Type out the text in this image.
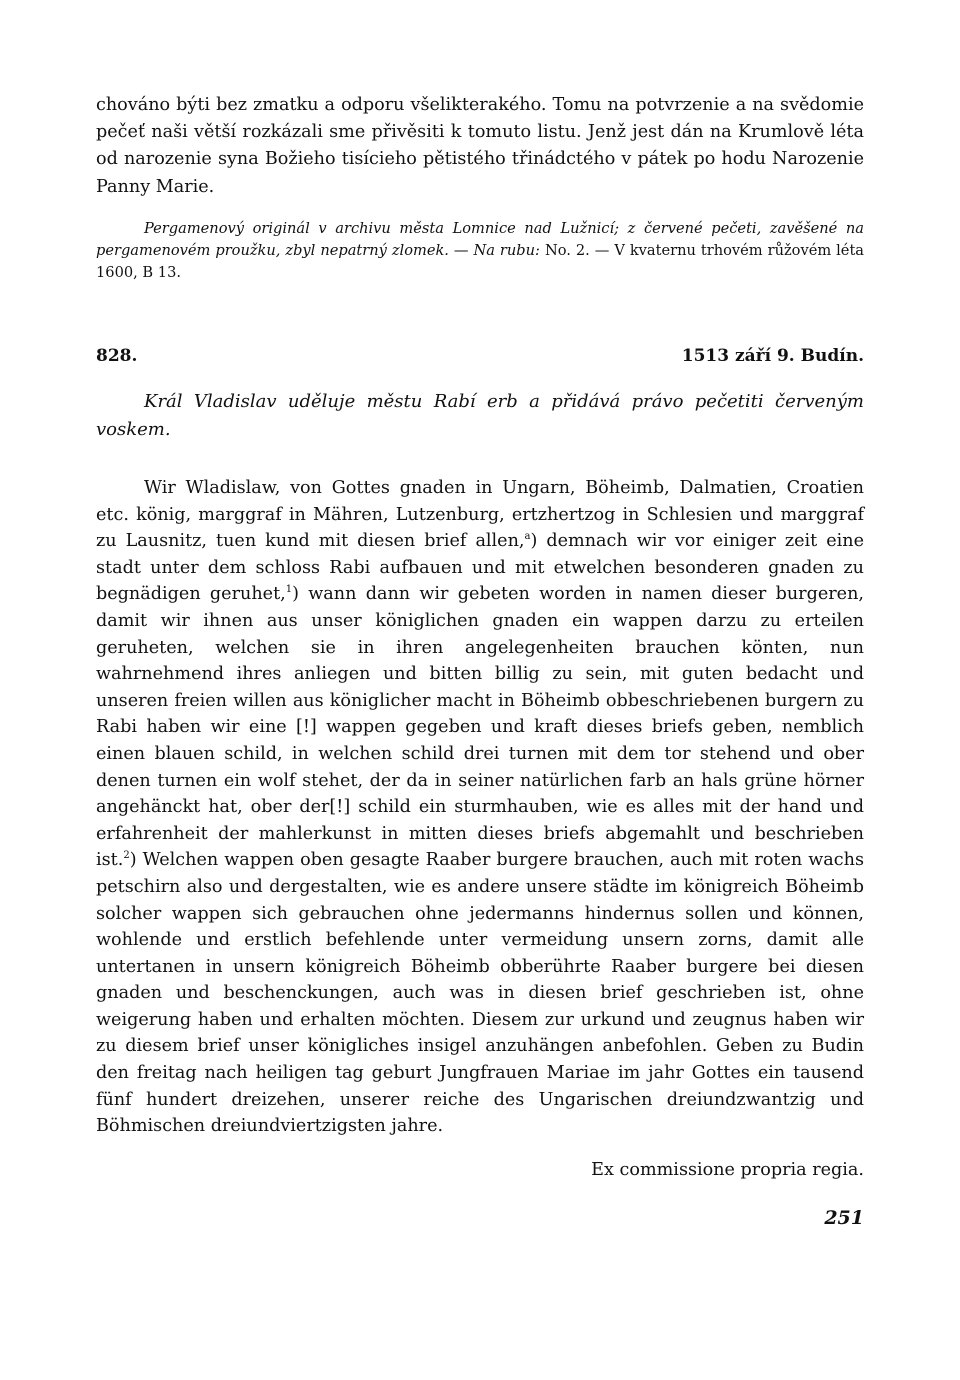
chováno býti bez zmatku a odporu všelikterakého. Tomu na potvrzenie a na svědomie pečeť naši větší rozkázali sme přivěsiti k tomuto listu. Jenž jest dán na Krumlově léta od narozenie syna Božieho tisícieho pětistého třinádctého v pátek po hodu Narozenie Panny Marie.

Pergamenový originál v archivu města Lomnice nad Lužnicí; z červené pečeti, zavěšené na pergamenovém proužku, zbyl nepatrný zlomek. — Na rubu: No. 2. — V kvaternu trhovém růžovém léta 1600, B 13.

828.	1513 září 9. Budín.

Král Vladislav uděluje městu Rabí erb a přidává právo pečetiti červeným voskem.

Wir Wladislaw, von Gottes gnaden in Ungarn, Böheimb, Dalmatien, Croatien etc. könig, marggraf in Mähren, Lutzenburg, ertzhertzog in Schlesien und marggraf zu Lausnitz, tuen kund mit diesen brief allen,$^a$) demnach wir vor einiger zeit eine stadt unter dem schloss Rabi aufbauen und mit etwelchen besonderen gnaden zu begnädigen geruhet,$^1$) wann dann wir gebeten worden in namen dieser burgeren, damit wir ihnen aus unser königlichen gnaden ein wappen darzu zu erteilen geruheten, welchen sie in ihren angelegenheiten brauchen könten, nun wahrnehmend ihres anliegen und bitten billig zu sein, mit guten bedacht und unseren freien willen aus königlicher macht in Böheimb obbeschriebenen burgern zu Rabi haben wir eine [!] wappen gegeben und kraft dieses briefs geben, nemblich einen blauen schild, in welchen schild drei turnen mit dem tor stehend und ober denen turnen ein wolf stehet, der da in seiner natürlichen farb an hals grüne hörner angehänckt hat, ober der[!] schild ein sturmhauben, wie es alles mit der hand und erfahrenheit der mahlerkunst in mitten dieses briefs abgemahlt und beschrieben ist.$^2$) Welchen wappen oben gesagte Raaber burgere brauchen, auch mit roten wachs petschirn also und dergestalten, wie es andere unsere städte im königreich Böheimb solcher wappen sich gebrauchen ohne jedermanns hindernus sollen und können, wohlende und erstlich befehlende unter vermeidung unsern zorns, damit alle untertanen in unsern königreich Böheimb obberührte Raaber burgere bei diesen gnaden und beschenckungen, auch was in diesen brief geschrieben ist, ohne weigerung haben und erhalten möchten. Diesem zur urkund und zeugnus haben wir zu diesem brief unser königliches insigel anzuhängen anbefohlen. Geben zu Budin den freitag nach heiligen tag geburt Jungfrauen Mariae im jahr Gottes ein tausend fünf hundert dreizehen, unserer reiche des Ungarischen dreiundzwantzig und Böhmischen dreiundviertzigsten jahre.

Ex commissione propria regia.

251
